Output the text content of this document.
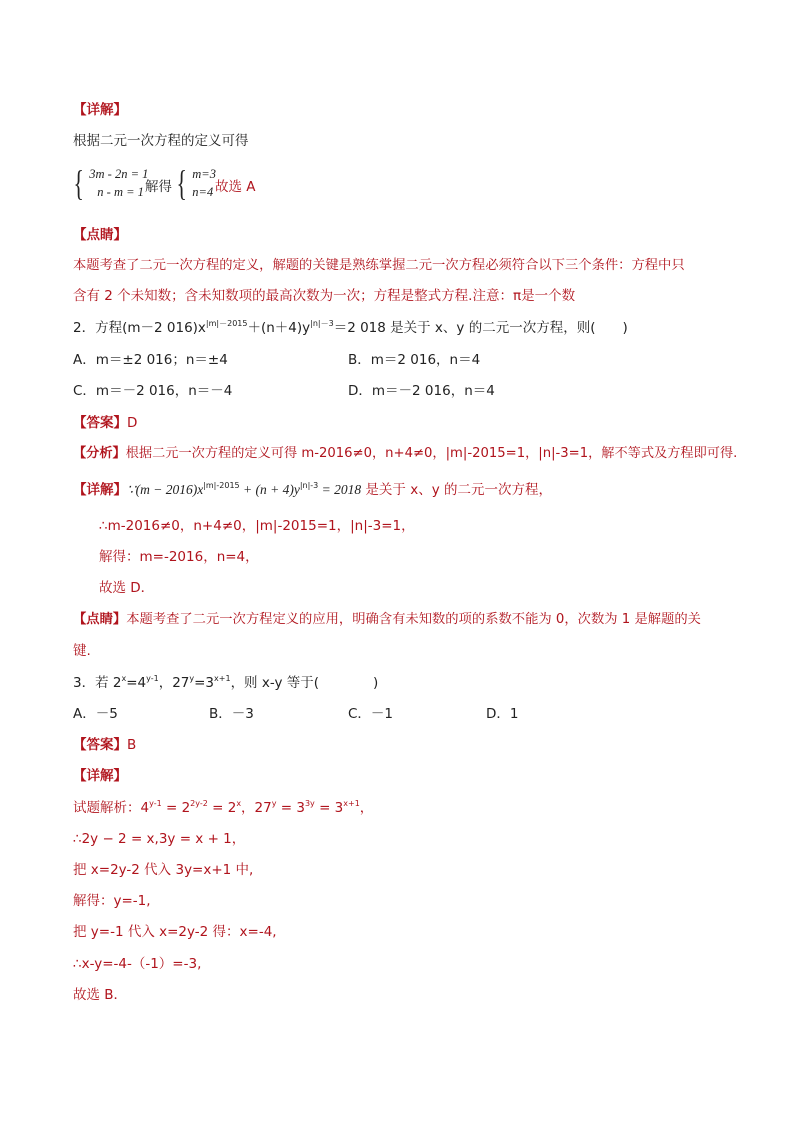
【详解】
根据二元一次方程的定义可得
{ 3m - 2n = 1
n - m = 1 解得 { m=3
n=4 故选 A
【点睛】
本题考查了二元一次方程的定义，解题的关键是熟练掌握二元一次方程必须符合以下三个条件：方程中只
含有 2 个未知数；含未知数项的最高次数为一次；方程是整式方程.注意：π是一个数
2．方程(m－2 $016)x^{|m|-2015}+(n+4)y^{|n|-3}=2$ 018 是关于 x、y 的二元一次方程，则(　　)
A．m＝±2 016；n＝±4	B．m＝2 016，n＝4
C．m＝－2 016，n＝－4	D．m＝－2 016，n＝4
【答案】D
【分析】根据二元一次方程的定义可得 m-2016≠0，n+4≠0，|m|-2015=1，|n|-3=1，解不等式及方程即可得.
【详解】∵(m − $2016)x^{|m|-2015} + (n + 4)y^{|n|-3} = 2018$ 是关于 x、y 的二元一次方程，
∴m-2016≠0，n+4≠0，|m|-2015=1，|n|-3=1，
解得：m=-2016，n=4，
故选 D．
【点睛】本题考查了二元一次方程定义的应用，明确含有未知数的项的系数不能为 0，次数为 1 是解题的关
键.
3．若 $2^x=4^{y-1}$，$27^y=3^{x+1}$，则 x-y 等于(　　　　)
A．－5	B．－3	C．－1	D．1
【答案】B
【详解】
试题解析：$4^{y-1} = 2^{2y-2} = 2^x$，$27^y = 3^{3y} = 3^{x+1}$，
∴2y − 2 = x,3y = x + 1，
把 x=2y-2 代入 3y=x+1 中,
解得：y=-1,
把 y=-1 代入 x=2y-2 得：x=-4,
∴x-y=-4-（-1）=-3,
故选 B．
